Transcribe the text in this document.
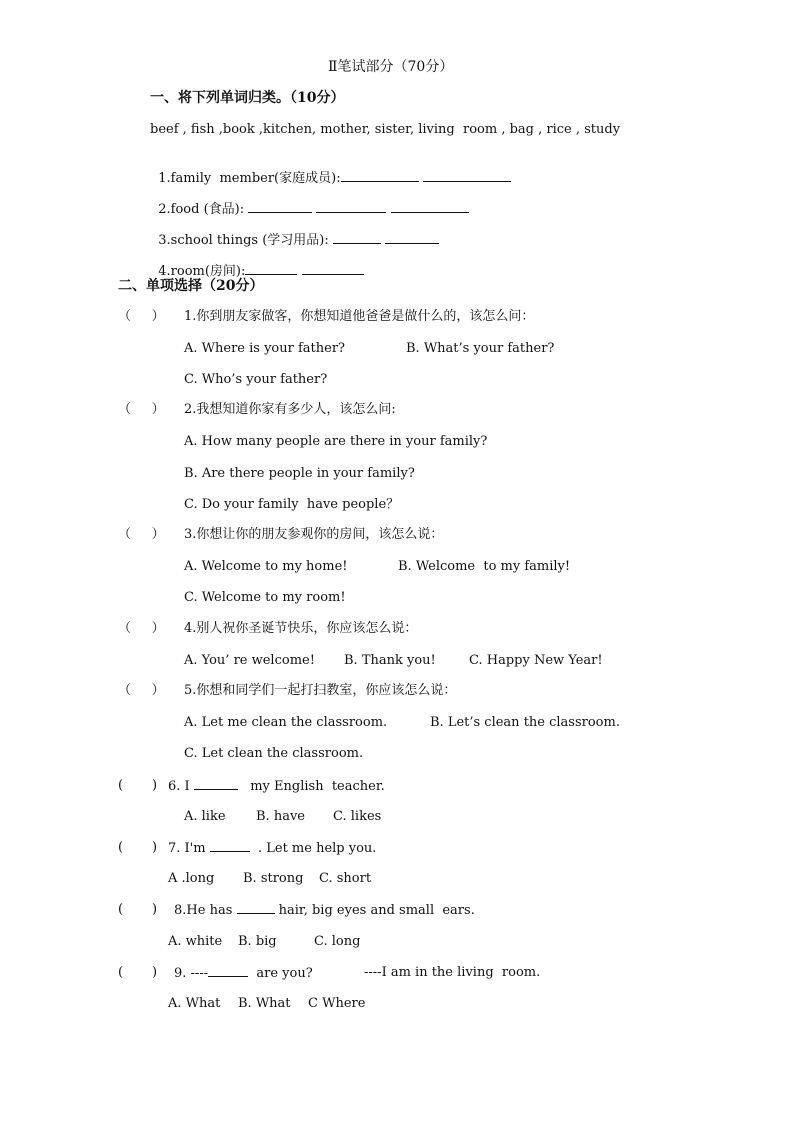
Ⅱ笔试部分（70分）
一、将下列单词归类。（10分）
beef , fish ,book ,kitchen, mother, sister, living  room , bag , rice , study

1.family  member(家庭成员):

2.food (食品):

3.school things (学习用品):

4.room(房间):

二、单项选择（20分）
（     ） 1.你到朋友家做客，你想知道他爸爸是做什么的，该怎么问：
A. Where is your father?	B. What’s your father?
C. Who’s your father?
（     ） 2.我想知道你家有多少人，该怎么问:
A. How many people are there in your family?
B. Are there people in your family?
C. Do your family  have people？
（     ） 3.你想让你的朋友参观你的房间，该怎么说：
A. Welcome to my home!	B. Welcome  to my family!
C. Welcome to my room!
（     ） 4.别人祝你圣诞节快乐，你应该怎么说：
A. You’ re welcome! B. Thank you!	C. Happy New Year!
（     ） 5.你想和同学们一起打扫教室，你应该怎么说：
A. Let me clean the classroom.	B. Let’s clean the classroom.
C. Let clean the classroom.
(       ) 6. I	my English  teacher.
A. like B. have C. likes
(       ) 7. I'm	. Let me help you.
A .long B. strong C. short
(       ) 8.He has	hair, big eyes and small  ears.
A. white B. big	C. long
(       ) 9. ----	are you?	----I am in the living  room.
A. What B. What C Where
